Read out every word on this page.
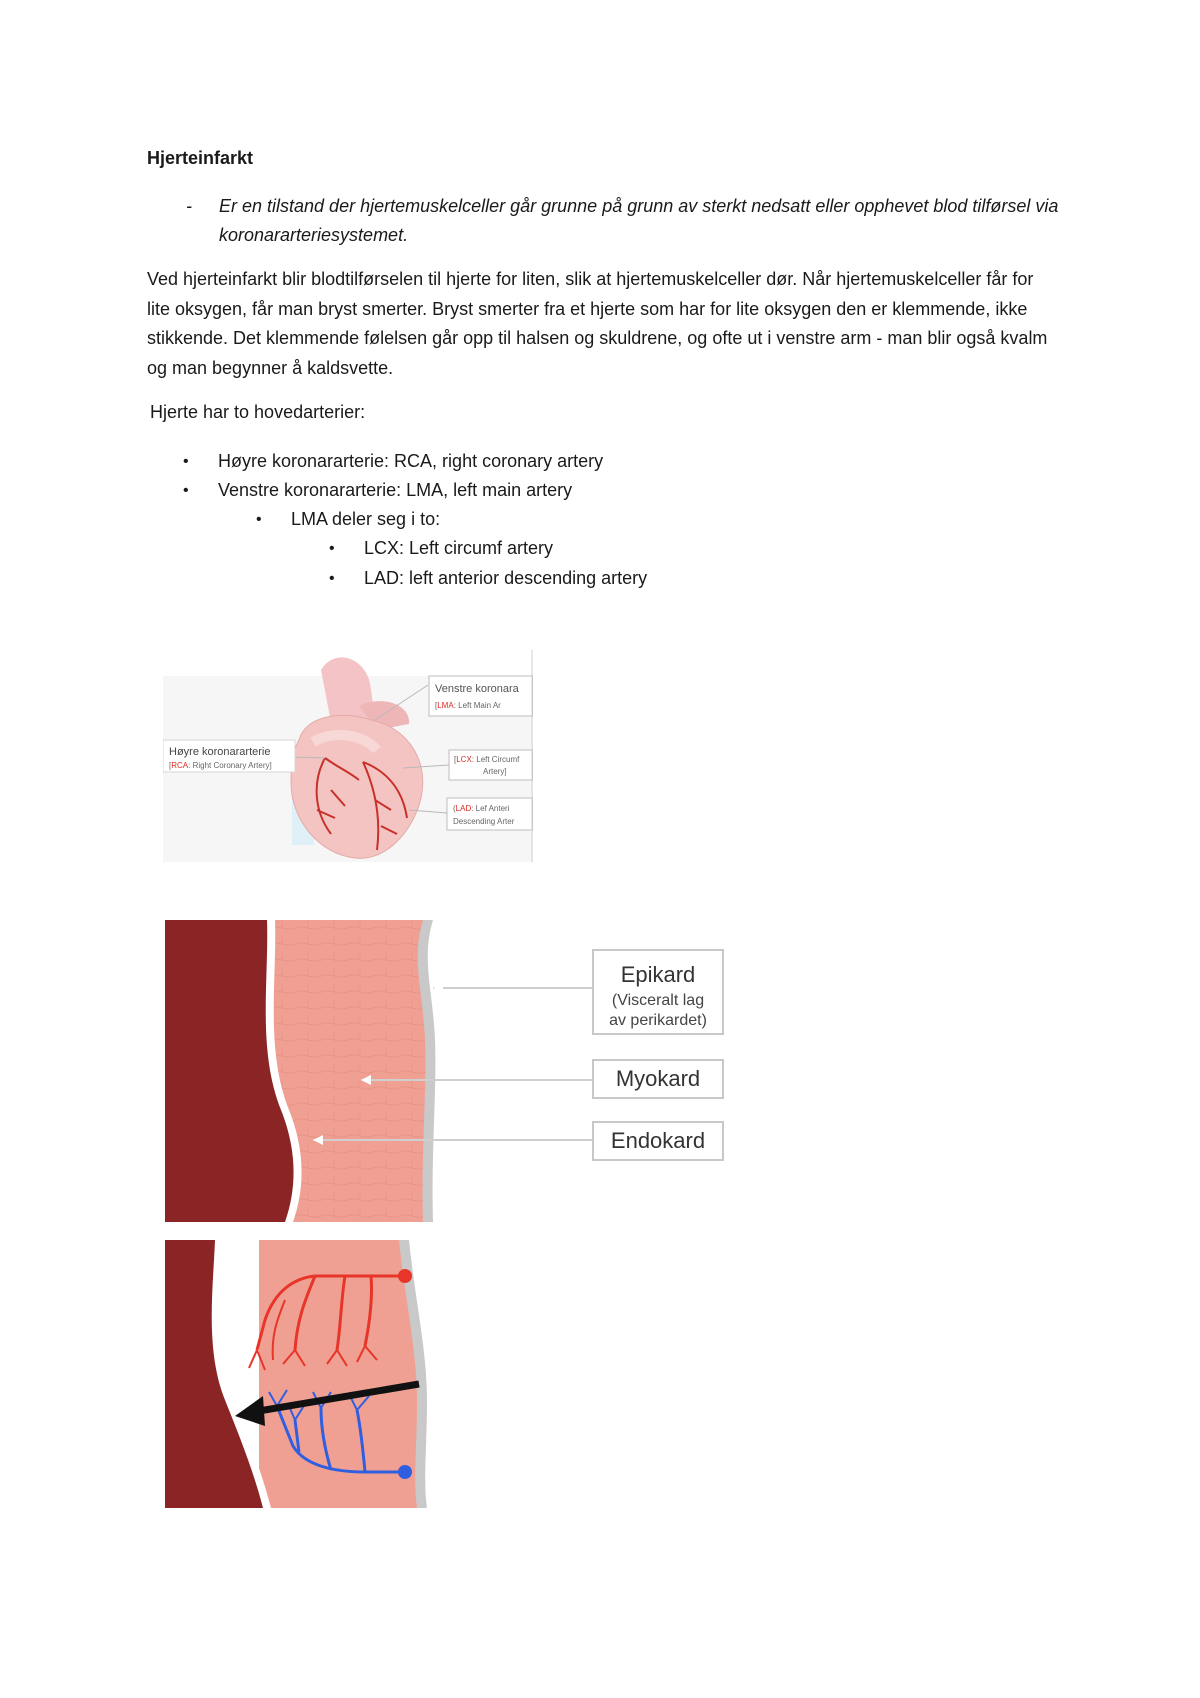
Hjerteinfarkt
- Er en tilstand der hjertemuskelceller går grunne på grunn av sterkt nedsatt eller opphevet blod tilførsel via koronararteriesystemet.

Ved hjerteinfarkt blir blodtilførselen til hjerte for liten, slik at hjertemuskelceller dør. Når hjertemuskelceller får for lite oksygen, får man bryst smerter. Bryst smerter fra et hjerte som har for lite oksygen den er klemmende, ikke stikkende. Det klemmende følelsen går opp til halsen og skuldrene, og ofte ut i venstre arm - man blir også kvalm og man begynner å kaldsvette.

Hjerte har to hovedarterier:

• Høyre koronararterie: RCA, right coronary artery
• Venstre koronararterie: LMA, left main artery
• LMA deler seg i to:
• LCX: Left circumf artery
• LAD: left anterior descending artery
Venstre koronara
[LMA: Left Main Ar
[LCX: Left Circumf
Artery]
(LAD: Lef Anteri
Descending Arter
Høyre koronararterie
[RCA: Right Coronary Artery]
Epikard
(Visceralt lag
av perikardet)
Myokard
Endokard
